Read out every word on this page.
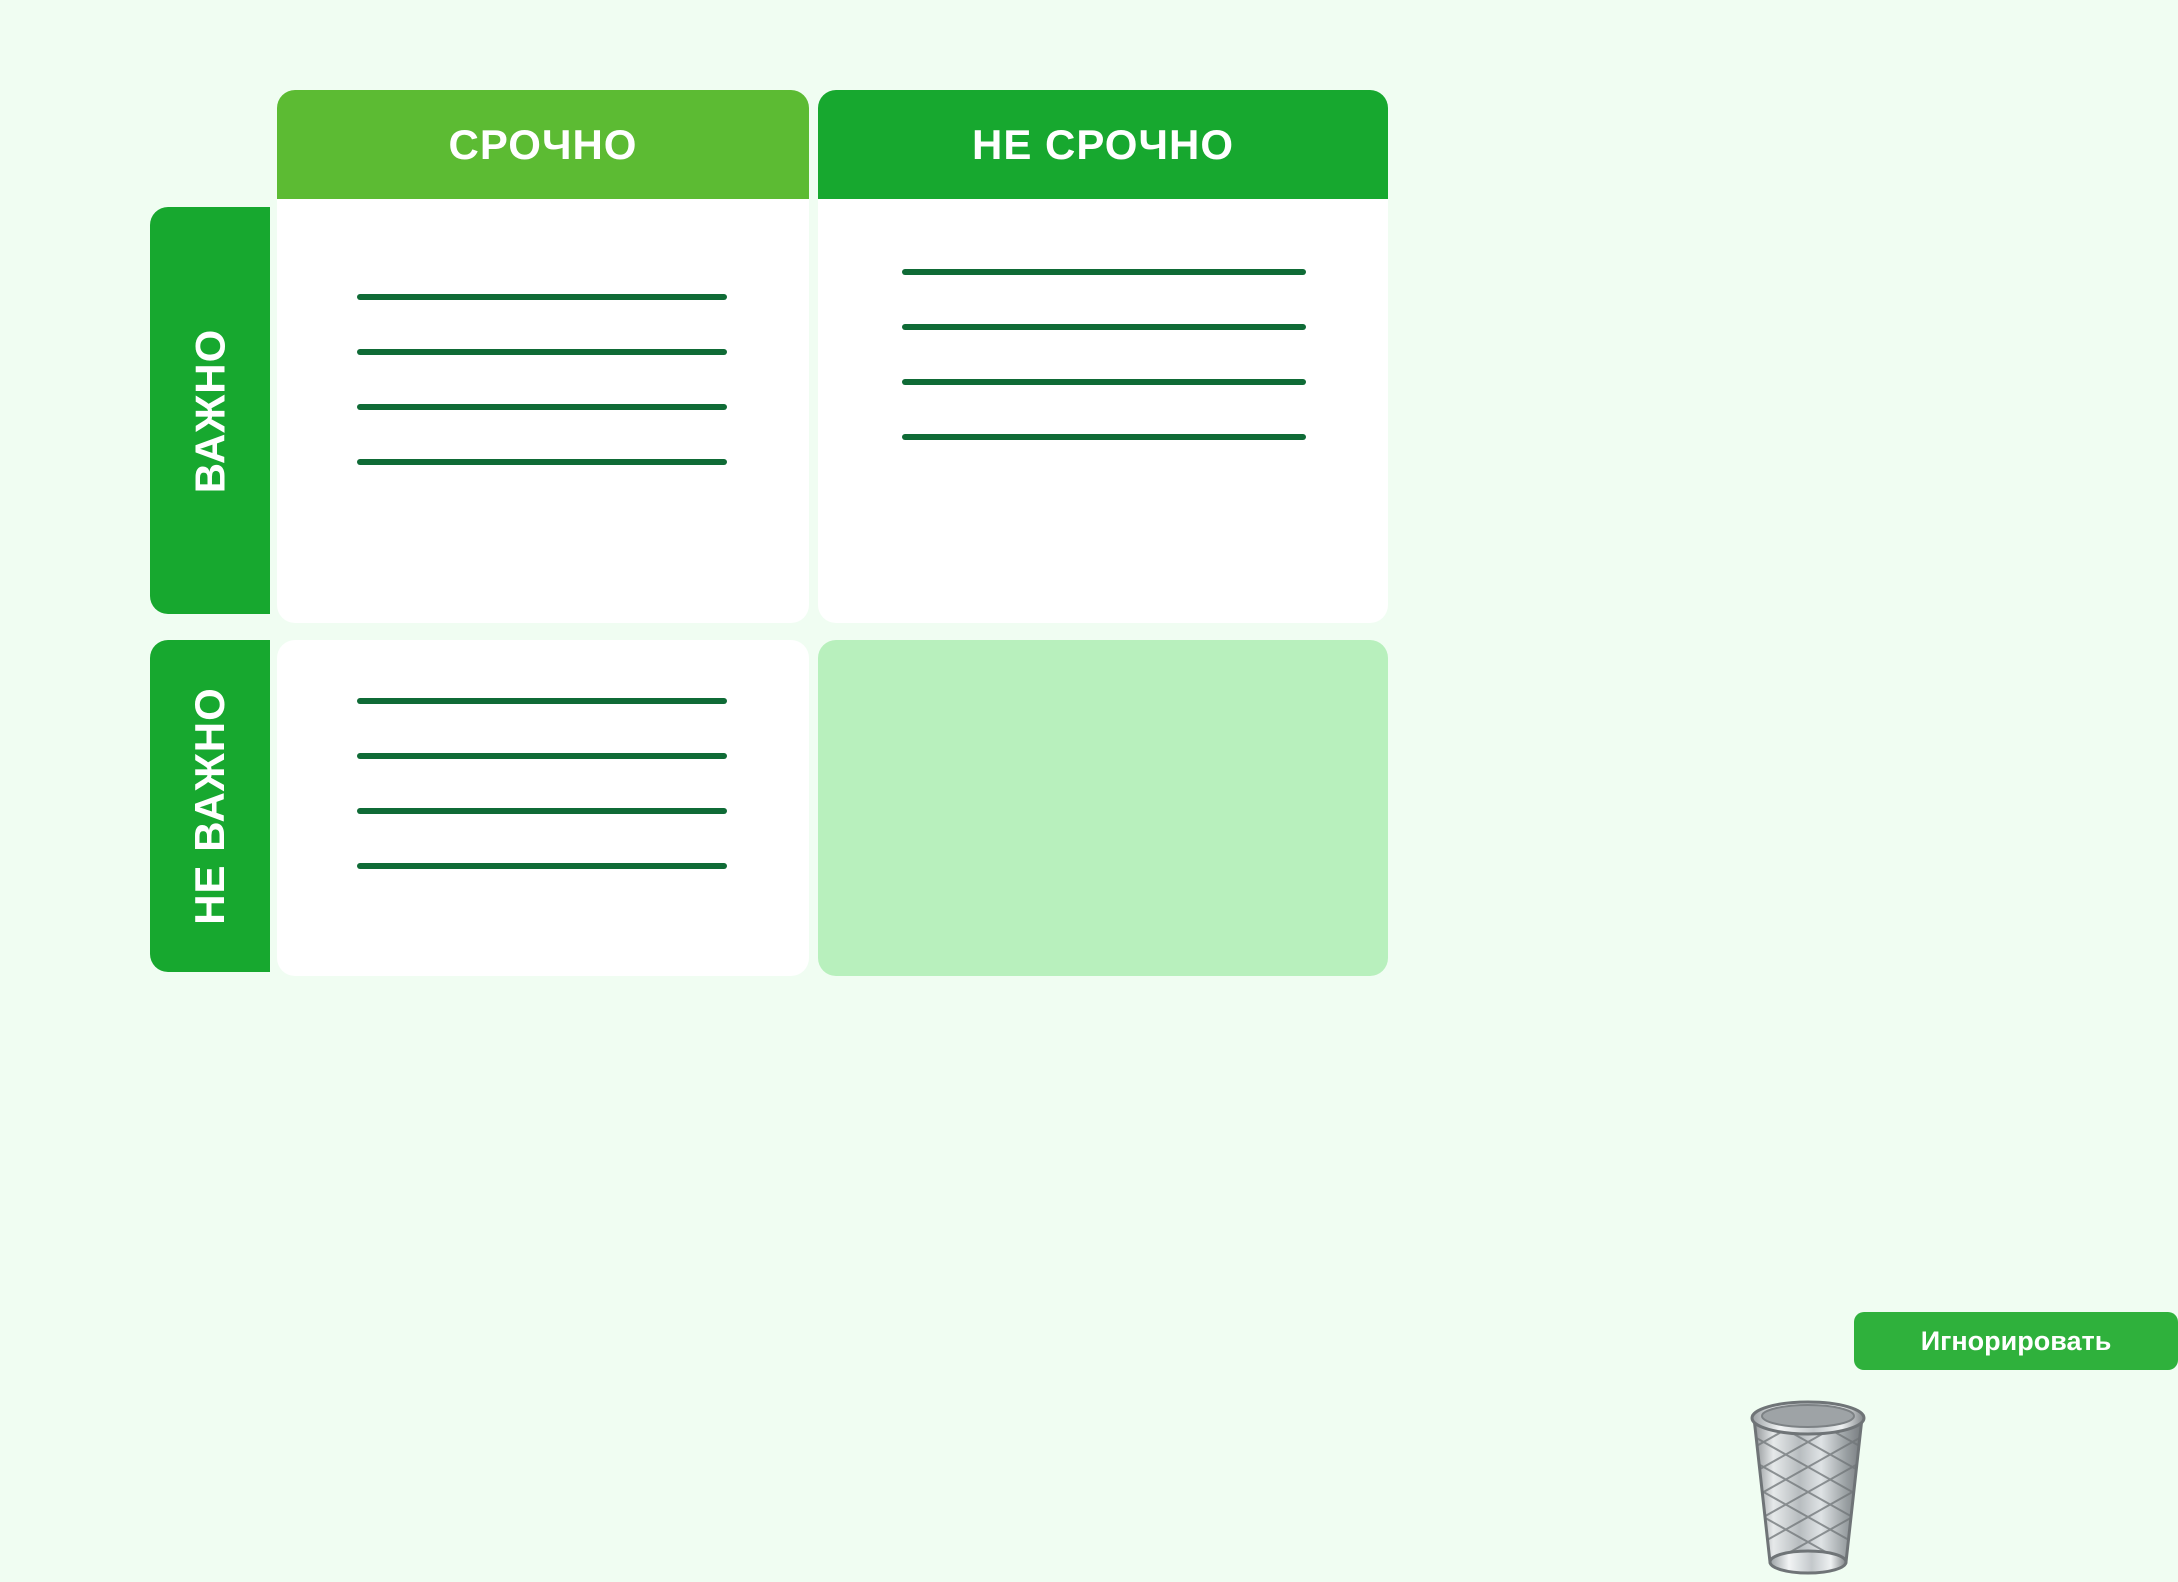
СРОЧНО	НЕ СРОЧНО
ВАЖНО
НЕ ВАЖНО
Игнорировать
